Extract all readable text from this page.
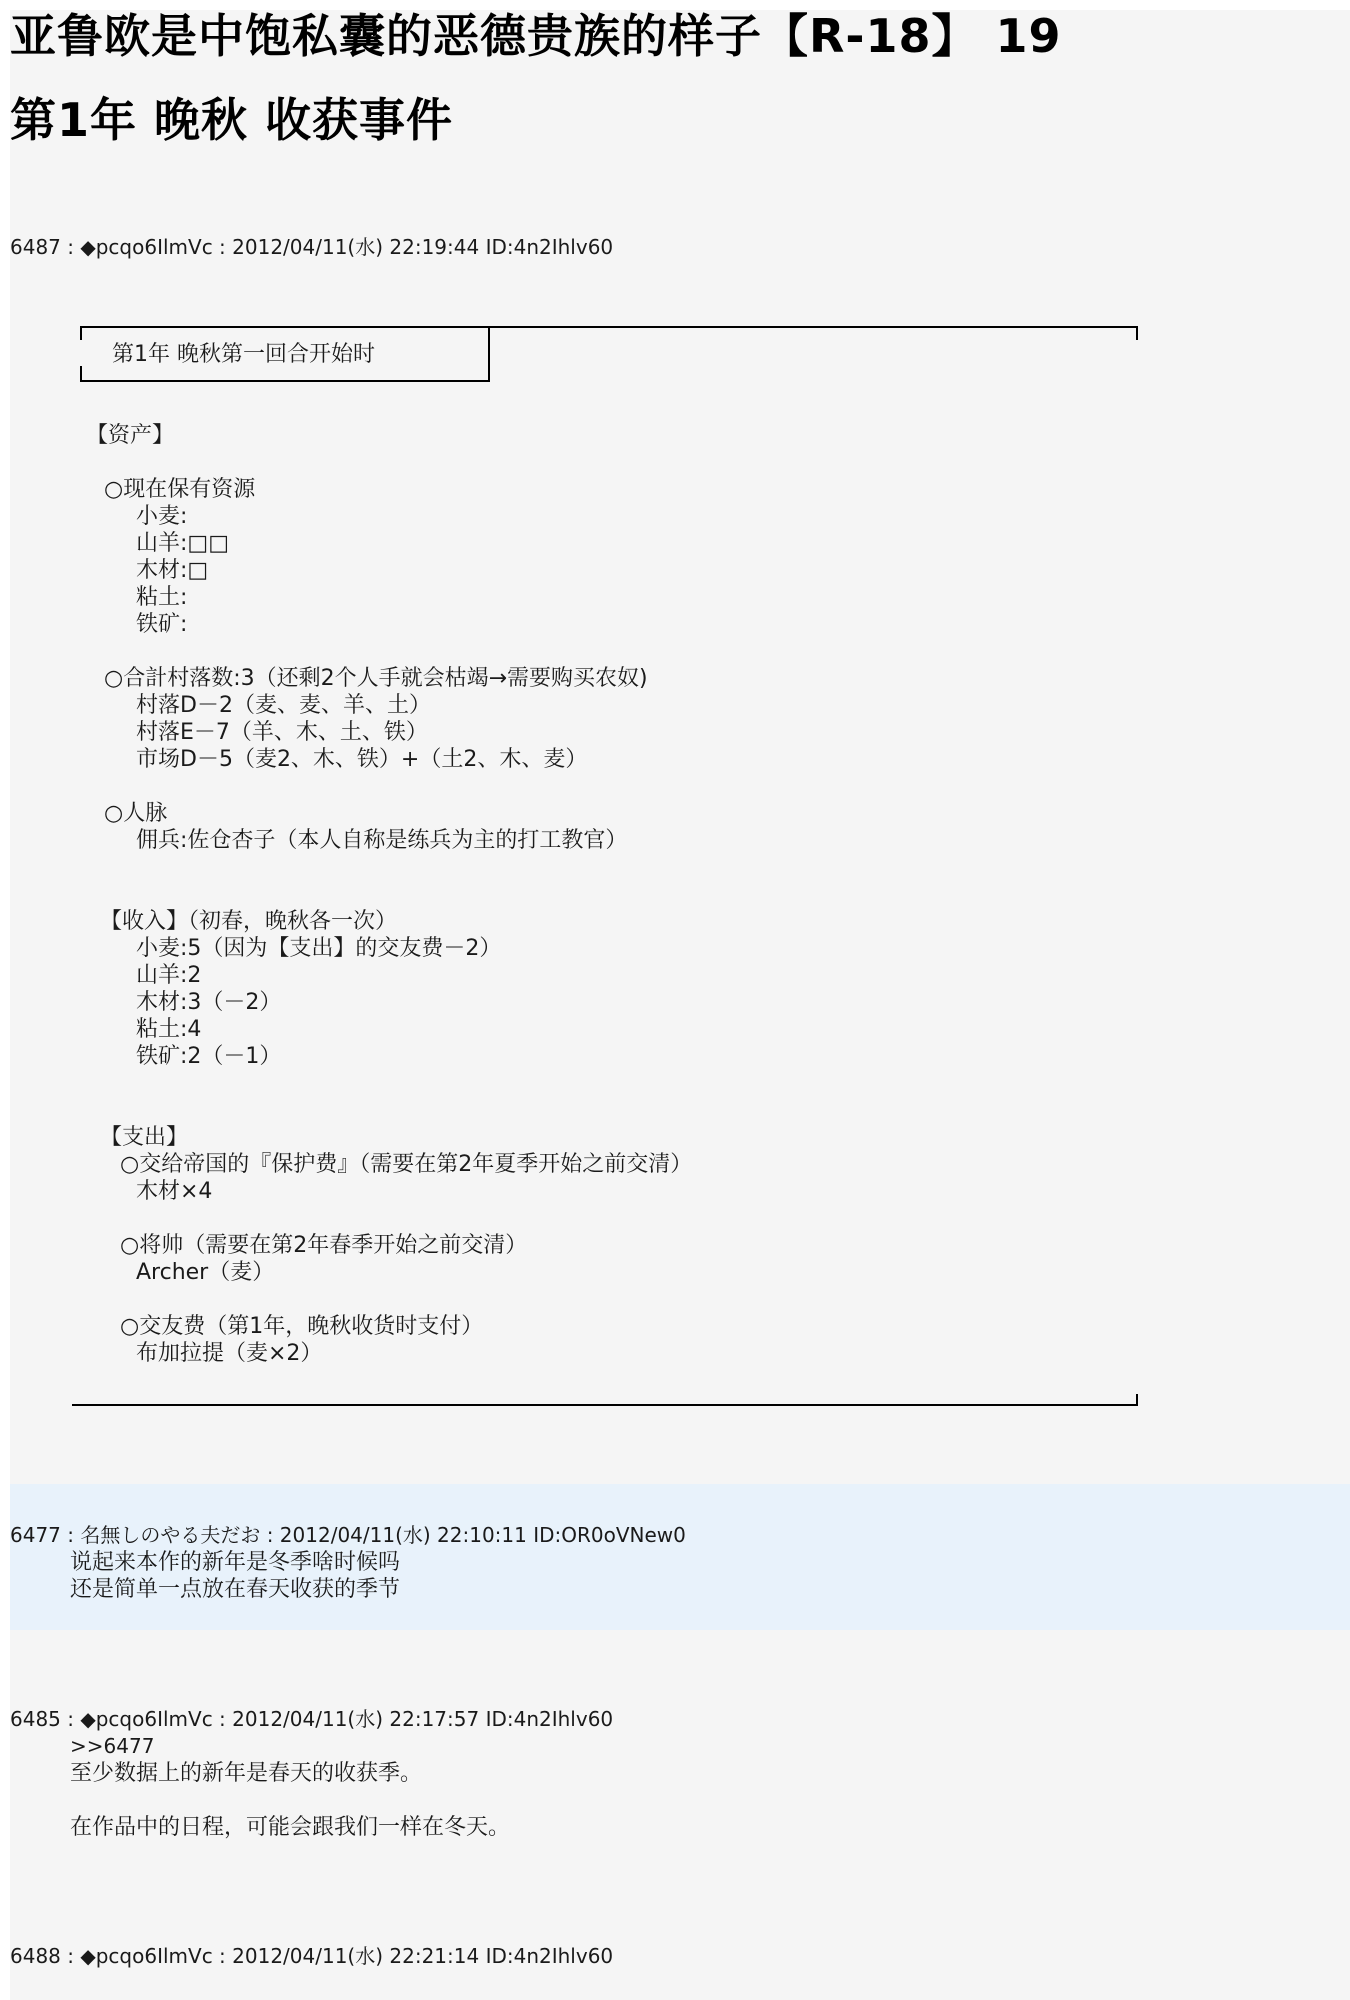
亚鲁欧是中饱私囊的恶德贵族的样子【R-18】 19
第1年 晚秋 收获事件
6487 : ◆pcqo6IlmVc : 2012/04/11(水) 22:19:44 ID:4n2Ihlv60
第1年 晚秋第一回合开始时
【资产】
○现在保有资源
小麦:
山羊:□□
木材:□
粘土:
铁矿:
○合計村落数:3（还剩2个人手就会枯竭→需要购买农奴)
村落D－2（麦、麦、羊、土）
村落E－7（羊、木、土、铁）
市场D－5（麦2、木、铁）+（土2、木、麦）
○人脉
佣兵:佐仓杏子（本人自称是练兵为主的打工教官）
【收入】（初春，晚秋各一次）
小麦:5（因为【支出】的交友费－2）
山羊:2
木材:3（－2）
粘土:4
铁矿:2（－1）
【支出】
○交给帝国的『保护费』（需要在第2年夏季开始之前交清）
木材×4
○将帅（需要在第2年春季开始之前交清）
Archer（麦）
○交友费（第1年，晚秋收货时支付）
布加拉提（麦×2）
6477 : 名無しのやる夫だお : 2012/04/11(水) 22:10:11 ID:OR0oVNew0
说起来本作的新年是冬季啥时候吗
还是简单一点放在春天收获的季节
6485 : ◆pcqo6IlmVc : 2012/04/11(水) 22:17:57 ID:4n2Ihlv60
>>6477
至少数据上的新年是春天的收获季。
在作品中的日程，可能会跟我们一样在冬天。
6488 : ◆pcqo6IlmVc : 2012/04/11(水) 22:21:14 ID:4n2Ihlv60
